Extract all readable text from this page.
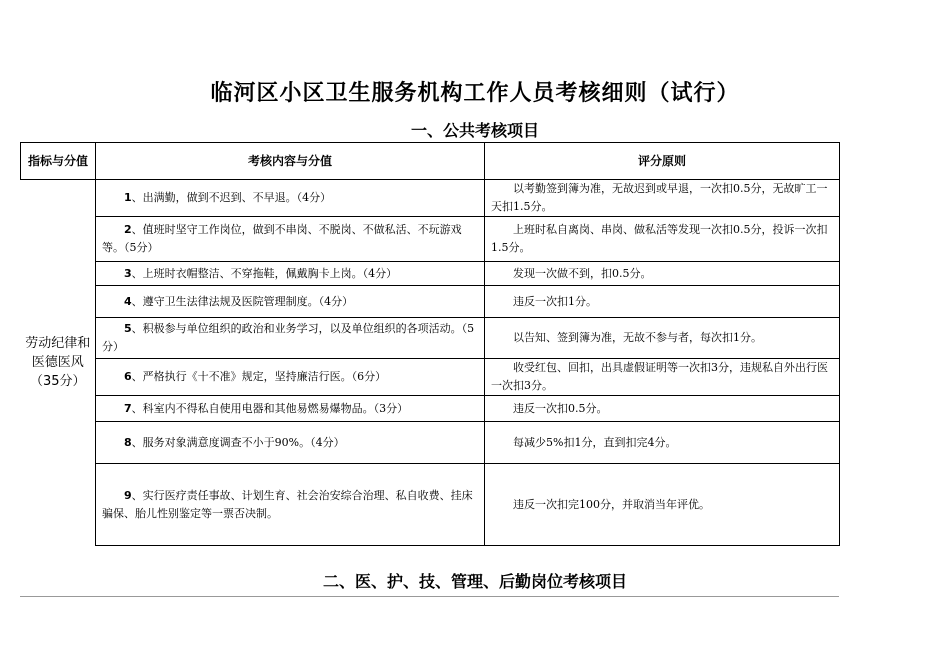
临河区小区卫生服务机构工作人员考核细则（试行）
一、公共考核项目
指标与分值	考核内容与分值	评分原则
劳动纪律和医德医风（35分）	1、出满勤，做到不迟到、不早退。（4分）	以考勤签到簿为准，无故迟到或早退，一次扣0.5分，无故旷工一天扣1.5分。
	2、值班时坚守工作岗位，做到不串岗、不脱岗、不做私活、不玩游戏等。（5分）	上班时私自离岗、串岗、做私活等发现一次扣0.5分，投诉一次扣1.5分。
	3、上班时衣帽整洁、不穿拖鞋，佩戴胸卡上岗。（4分）	发现一次做不到，扣0.5分。
	4、遵守卫生法律法规及医院管理制度。（4分）	违反一次扣1分。
	5、积极参与单位组织的政治和业务学习，以及单位组织的各项活动。（5分）	以告知、签到簿为准，无故不参与者，每次扣1分。
	6、严格执行《十不准》规定，坚持廉洁行医。（6分）	收受红包、回扣，出具虚假证明等一次扣3分，违规私自外出行医一次扣3分。
	7、科室内不得私自使用电器和其他易燃易爆物品。（3分）	违反一次扣0.5分。
	8、服务对象满意度调查不小于90%。（4分）	每减少5%扣1分，直到扣完4分。
	9、实行医疗责任事故、计划生育、社会治安综合治理、私自收费、挂床骗保、胎儿性别鉴定等一票否决制。	违反一次扣完100分，并取消当年评优。
二、医、护、技、管理、后勤岗位考核项目
